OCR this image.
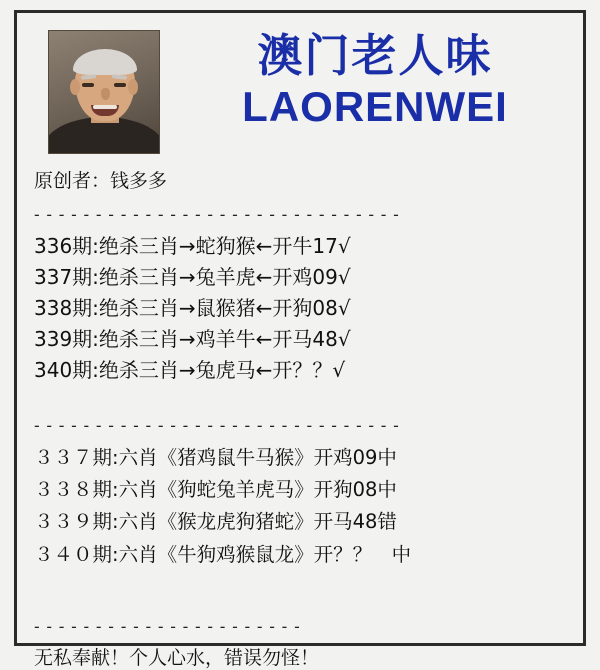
澳门老人味
LAORENWEI
原创者：钱多多
- - - - - - - - - - - - - - - - - - - - - - - - - - - - - -
336期:绝杀三肖→蛇狗猴←开牛17√
337期:绝杀三肖→兔羊虎←开鸡09√
338期:绝杀三肖→鼠猴猪←开狗08√
339期:绝杀三肖→鸡羊牛←开马48√
340期:绝杀三肖→兔虎马←开？？√
- - - - - - - - - - - - - - - - - - - - - - - - - - - - - -
３３７期:六肖《猪鸡鼠牛马猴》开鸡09中
３３８期:六肖《狗蛇兔羊虎马》开狗08中
３３９期:六肖《猴龙虎狗猪蛇》开马48错
３４０期:六肖《牛狗鸡猴鼠龙》开？？　中
- - - - - - - - - - - - - - - - - - - - - -
无私奉献！个人心水，错误勿怪！
